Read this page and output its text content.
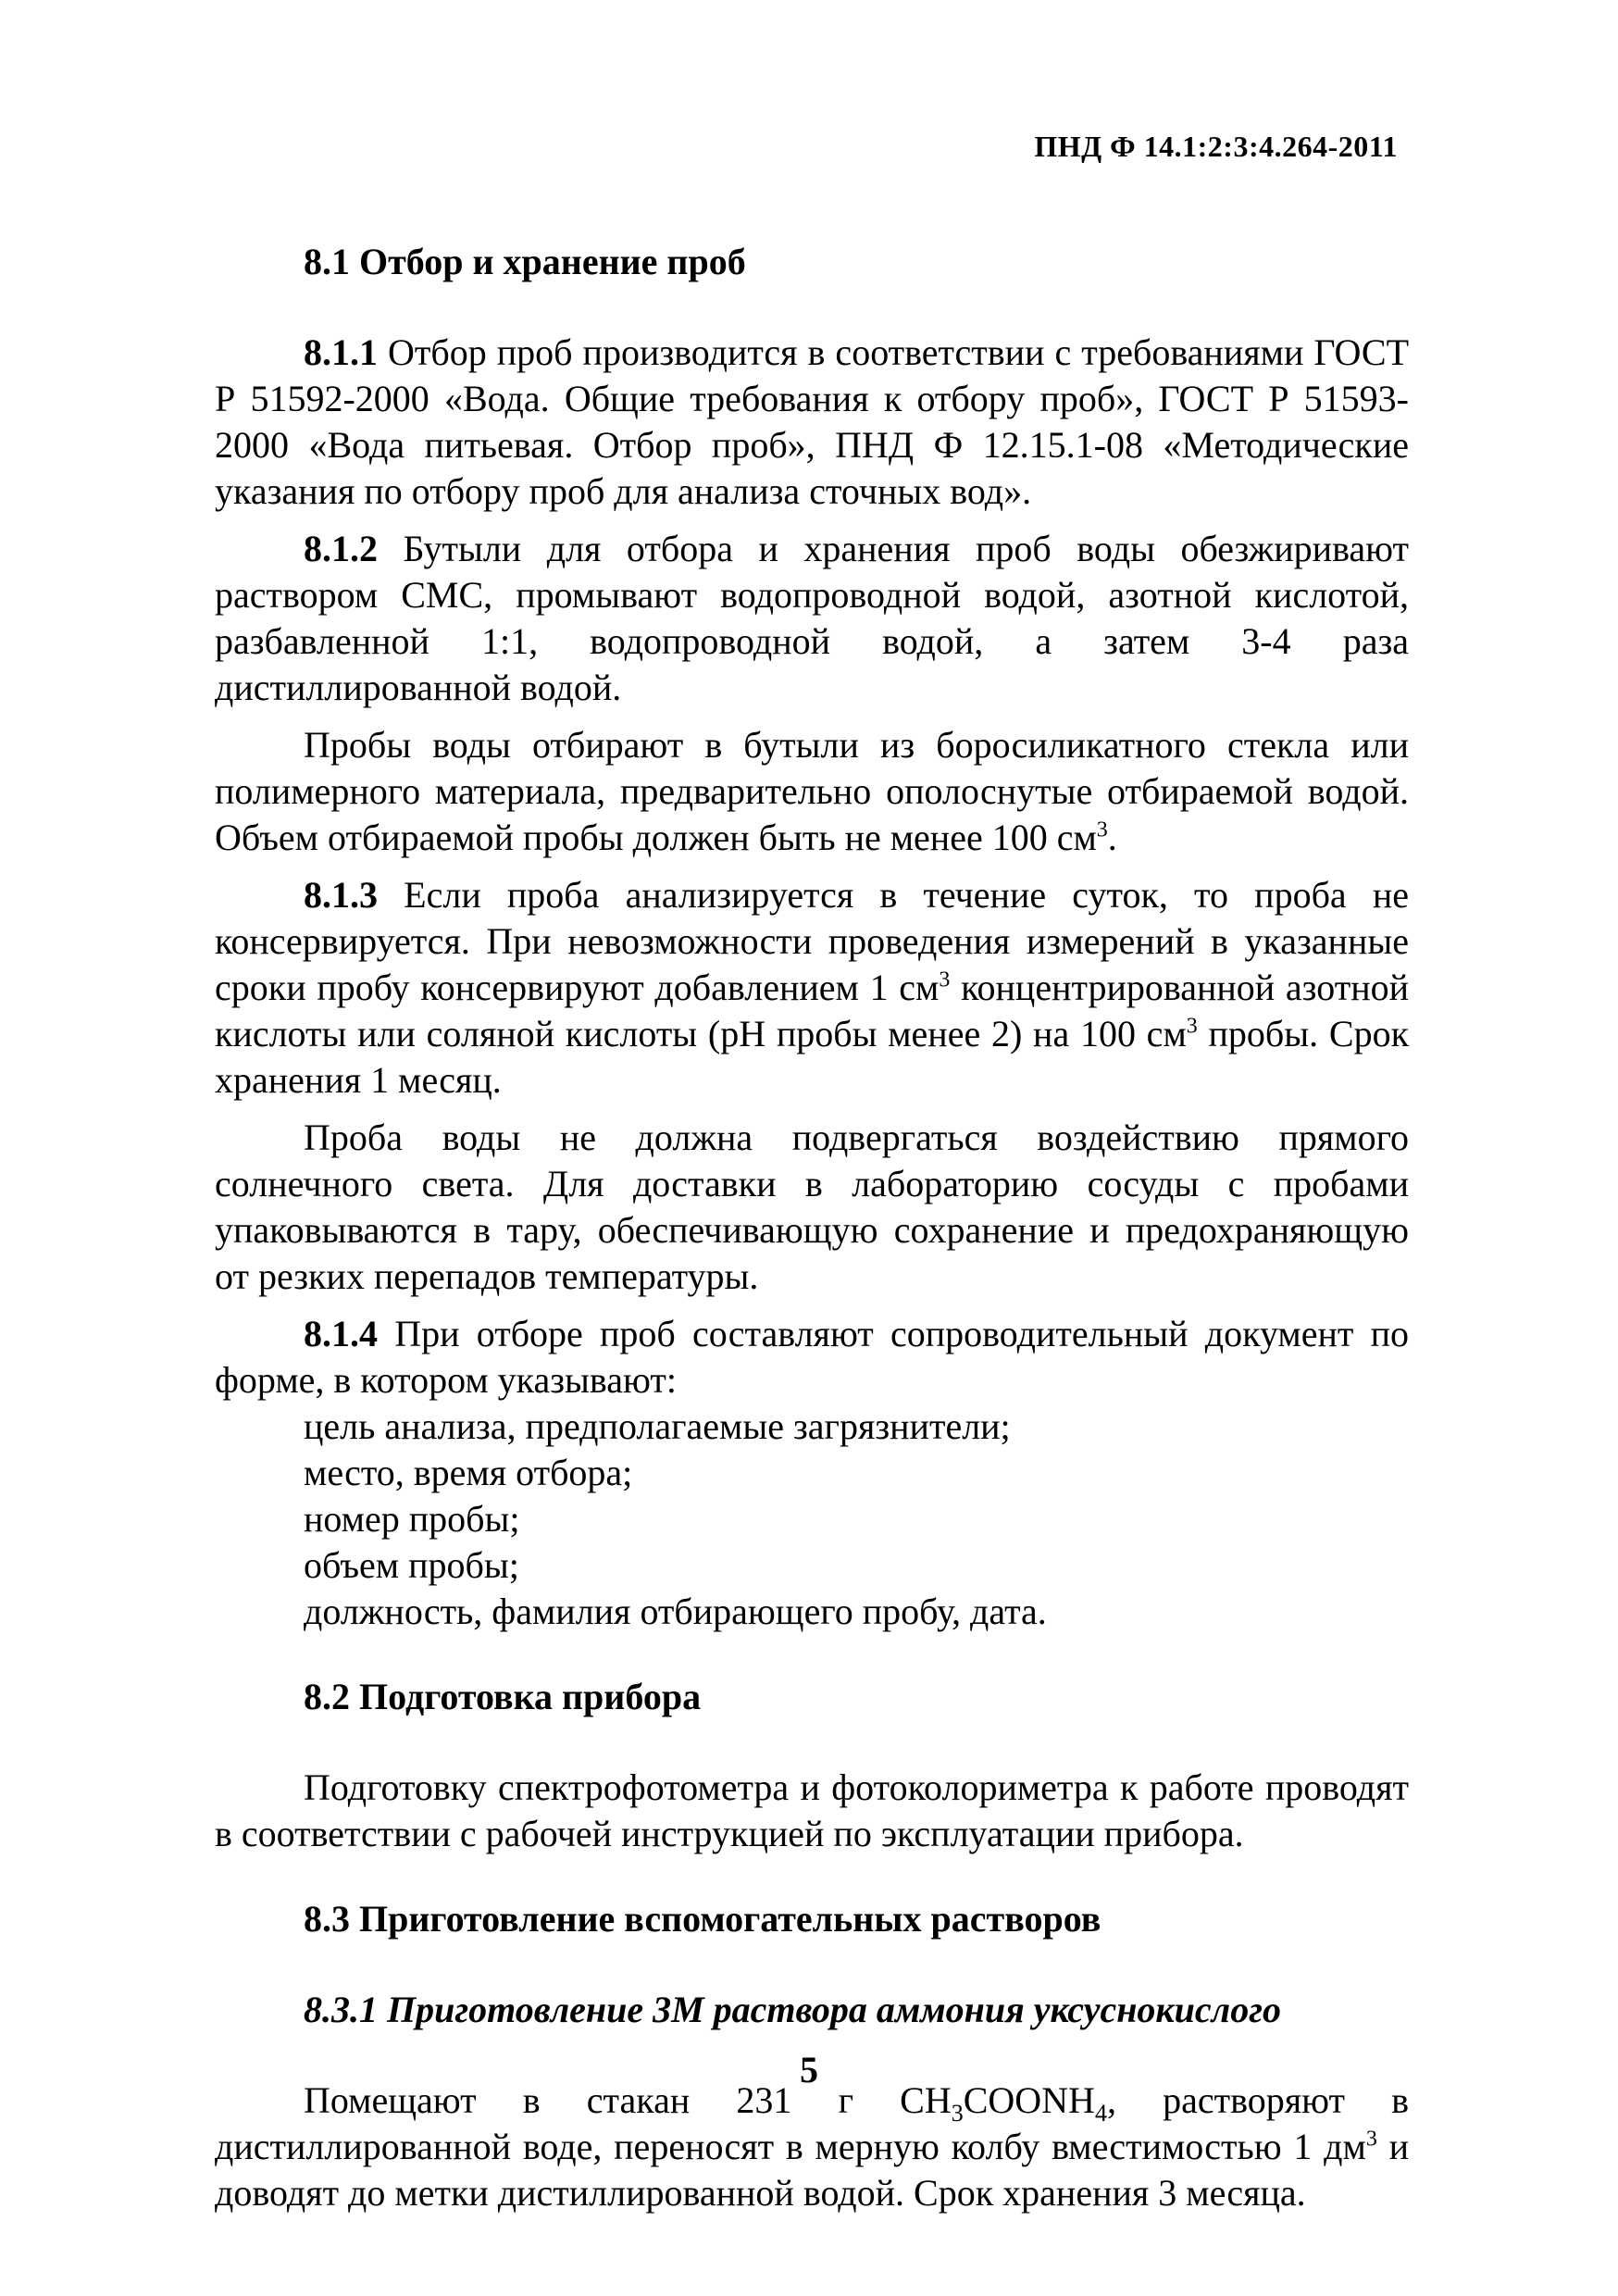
ПНД Ф 14.1:2:3:4.264-2011
8.1 Отбор и хранение проб

8.1.1 Отбор проб производится в соответствии с требованиями ГОСТ Р 51592-2000 «Вода. Общие требования к отбору проб», ГОСТ Р 51593-2000 «Вода питьевая. Отбор проб», ПНД Ф 12.15.1-08 «Методические указания по отбору проб для анализа сточных вод».

8.1.2 Бутыли для отбора и хранения проб воды обезжиривают раствором СМС, промывают водопроводной водой, азотной кислотой, разбавленной 1:1, водопроводной водой, а затем 3-4 раза дистиллированной водой.

Пробы воды отбирают в бутыли из боросиликатного стекла или полимерного материала, предварительно ополоснутые отбираемой водой. Объем отбираемой пробы должен быть не менее 100 $см^3$.

8.1.3 Если проба анализируется в течение суток, то проба не консервируется. При невозможности проведения измерений в указанные сроки пробу консервируют добавлением 1 $см^3$ концентрированной азотной кислоты или соляной кислоты (рН пробы менее 2) на 100 $см^3$ пробы. Срок хранения 1 месяц.

Проба воды не должна подвергаться воздействию прямого солнечного света. Для доставки в лабораторию сосуды с пробами упаковываются в тару, обеспечивающую сохранение и предохраняющую от резких перепадов температуры.

8.1.4 При отборе проб составляют сопроводительный документ по форме, в котором указывают:

цель анализа, предполагаемые загрязнители;
место, время отбора;
номер пробы;
объем пробы;
должность, фамилия отбирающего пробу, дата.
8.2 Подготовка прибора

Подготовку спектрофотометра и фотоколориметра к работе проводят в соответствии с рабочей инструкцией по эксплуатации прибора.

8.3 Приготовление вспомогательных растворов
8.3.1 Приготовление 3М раствора аммония уксуснокислого

Помещают в стакан 231 г $CH_3COONH_4$, растворяют в дистиллированной воде, переносят в мерную колбу вместимостью 1 $дм^3$ и доводят до метки дистиллированной водой. Срок хранения 3 месяца.

5
